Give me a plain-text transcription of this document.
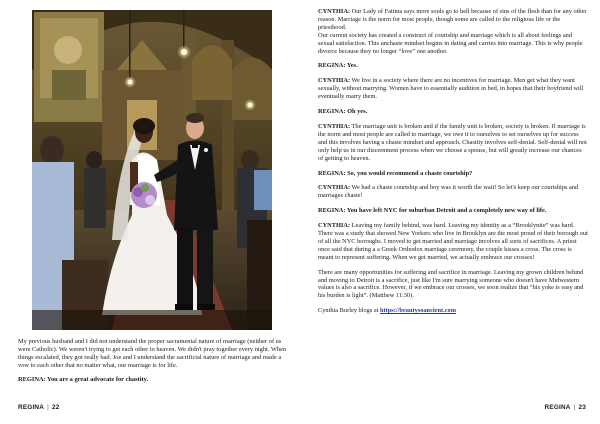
My previous husband and I did not understand the proper sacramental nature of marriage (neither of us were Catholic). We weren't trying to get each other to heaven. We didn't pray together every night. When things escalated, they got really bad. Joe and I understand the sacrificial nature of marriage and made a vow to each other that no matter what, our marriage is for life.

REGINA: You are a great advocate for chastity.

REGINA | 22

CYNTHIA: Our Lady of Fatima says more souls go to hell because of sins of the flesh than for any other reason. Marriage is the norm for most people, though some are called to the religious life or the priesthood.

Our current society has created a construct of courtship and marriage which is all about feelings and sexual satisfaction. This unchaste mindset begins in dating and carries into marriage. This is why people divorce because they no longer “love” one another.

REGINA: Yes.

CYNTHIA: We live in a society where there are no incentives for marriage. Men get what they want sexually, without marrying. Women have to essentially audition in bed, in hopes that their boyfriend will eventually marry them.

REGINA: Oh yes.

CYNTHIA: The marriage unit is broken and if the family unit is broken, society is broken. If marriage is the norm and most people are called to marriage, we owe it to ourselves to set ourselves up for success and this involves having a chaste mindset and approach. Chastity involves self-denial. Self-denial will not only help us in our discernment process when we choose a spouse, but will greatly increase our chances of getting to heaven.

REGINA: So, you would recommend a chaste courtship?

CYNTHIA: We had a chaste courtship and boy was it worth the wait! So let's keep our courtships and marriages chaste!

REGINA: You have left NYC for suburban Detroit and a completely new way of life.

CYNTHIA: Leaving my family behind, was hard. Leaving my identity as a “Brooklynite” was hard. There was a study that showed New Yorkers who live in Brooklyn are the most proud of their borough out of all the NYC boroughs. I moved to get married and marriage involves all sorts of sacrifices. A priest once said that during a a Greek Orthodox marriage ceremony, the couple kisses a cross. The cross is meant to represent suffering. When we get married, we actually embrace our crosses!

There are many opportunities for suffering and sacrifice in marriage. Leaving my grown children behind and moving to Detroit is a sacrifice, just like I'm sure marrying someone who doesn't have Midwestern values is also a sacrifice. However, if we embrace our crosses, we soon realize that “his yoke is easy and his burden is light”. (Matthew 11:30).

Cynthia Burley blogs at https://beautysoancient.com

REGINA | 23
